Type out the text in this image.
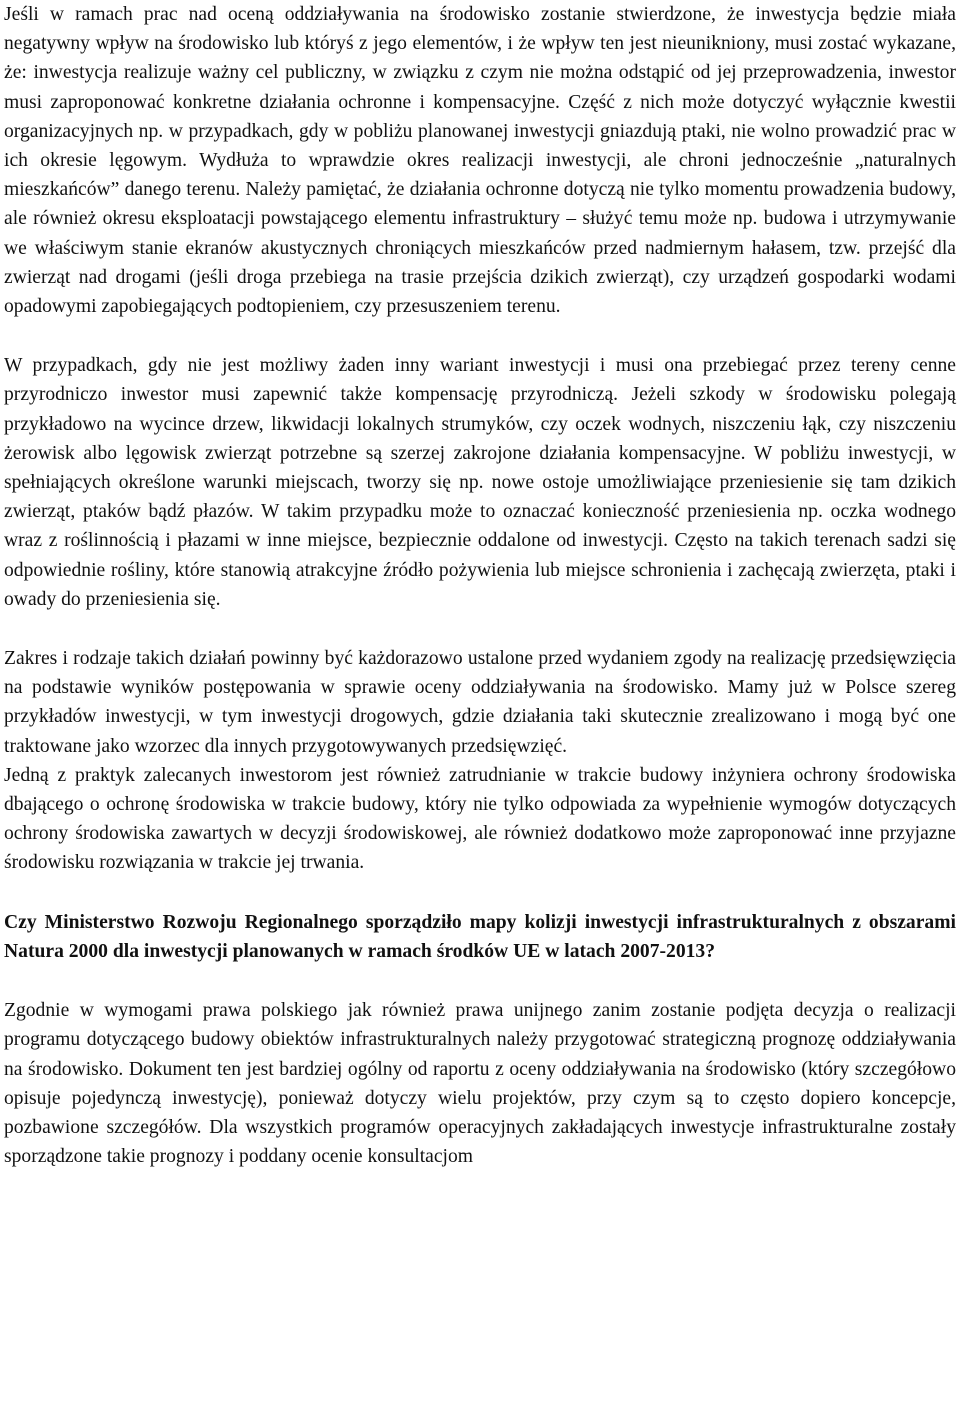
Jeśli w ramach prac nad oceną oddziaływania na środowisko zostanie stwierdzone, że inwestycja będzie miała negatywny wpływ na środowisko lub któryś z jego elementów, i że wpływ ten jest nieunikniony, musi zostać wykazane, że: inwestycja realizuje ważny cel publiczny, w związku z czym nie można odstąpić od jej przeprowadzenia, inwestor musi zaproponować konkretne działania ochronne i kompensacyjne. Część z nich może dotyczyć wyłącznie kwestii organizacyjnych np. w przypadkach, gdy w pobliżu planowanej inwestycji gniazdują ptaki, nie wolno prowadzić prac w ich okresie lęgowym. Wydłuża to wprawdzie okres realizacji inwestycji, ale chroni jednocześnie „naturalnych mieszkańców” danego terenu. Należy pamiętać, że działania ochronne dotyczą nie tylko momentu prowadzenia budowy, ale również okresu eksploatacji powstającego elementu infrastruktury – służyć temu może np. budowa i utrzymywanie we właściwym stanie ekranów akustycznych chroniących mieszkańców przed nadmiernym hałasem, tzw. przejść dla zwierząt nad drogami (jeśli droga przebiega na trasie przejścia dzikich zwierząt), czy urządzeń gospodarki wodami opadowymi zapobiegających podtopieniem, czy przesuszeniem terenu.

W przypadkach, gdy nie jest możliwy żaden inny wariant inwestycji i musi ona przebiegać przez tereny cenne przyrodniczo inwestor musi zapewnić także kompensację przyrodniczą. Jeżeli szkody w środowisku polegają przykładowo na wycince drzew, likwidacji lokalnych strumyków, czy oczek wodnych, niszczeniu łąk, czy niszczeniu żerowisk albo lęgowisk zwierząt potrzebne są szerzej zakrojone działania kompensacyjne. W pobliżu inwestycji, w spełniających określone warunki miejscach, tworzy się np. nowe ostoje umożliwiające przeniesienie się tam dzikich zwierząt, ptaków bądź płazów. W takim przypadku może to oznaczać konieczność przeniesienia np. oczka wodnego wraz z roślinnością i płazami w inne miejsce, bezpiecznie oddalone od inwestycji. Często na takich terenach sadzi się odpowiednie rośliny, które stanowią atrakcyjne źródło pożywienia lub miejsce schronienia i zachęcają zwierzęta, ptaki i owady do przeniesienia się.

Zakres i rodzaje takich działań powinny być każdorazowo ustalone przed wydaniem zgody na realizację przedsięwzięcia na podstawie wyników postępowania w sprawie oceny oddziaływania na środowisko. Mamy już w Polsce szereg przykładów inwestycji, w tym inwestycji drogowych, gdzie działania taki skutecznie zrealizowano i mogą być one traktowane jako wzorzec dla innych przygotowywanych przedsięwzięć.

Jedną z praktyk zalecanych inwestorom jest również zatrudnianie w trakcie budowy inżyniera ochrony środowiska dbającego o ochronę środowiska w trakcie budowy, który nie tylko odpowiada za wypełnienie wymogów dotyczących ochrony środowiska zawartych w decyzji środowiskowej, ale również dodatkowo może zaproponować inne przyjazne środowisku rozwiązania w trakcie jej trwania.

Czy Ministerstwo Rozwoju Regionalnego sporządziło mapy kolizji inwestycji infrastrukturalnych z obszarami Natura 2000 dla inwestycji planowanych w ramach środków UE w latach 2007-2013?

Zgodnie w wymogami prawa polskiego jak również prawa unijnego zanim zostanie podjęta decyzja o realizacji programu dotyczącego budowy obiektów infrastrukturalnych należy przygotować strategiczną prognozę oddziaływania na środowisko. Dokument ten jest bardziej ogólny od raportu z oceny oddziaływania na środowisko (który szczegółowo opisuje pojedynczą inwestycję), ponieważ dotyczy wielu projektów, przy czym są to często dopiero koncepcje, pozbawione szczegółów. Dla wszystkich programów operacyjnych zakładających inwestycje infrastrukturalne zostały sporządzone takie prognozy i poddany ocenie konsultacjom
